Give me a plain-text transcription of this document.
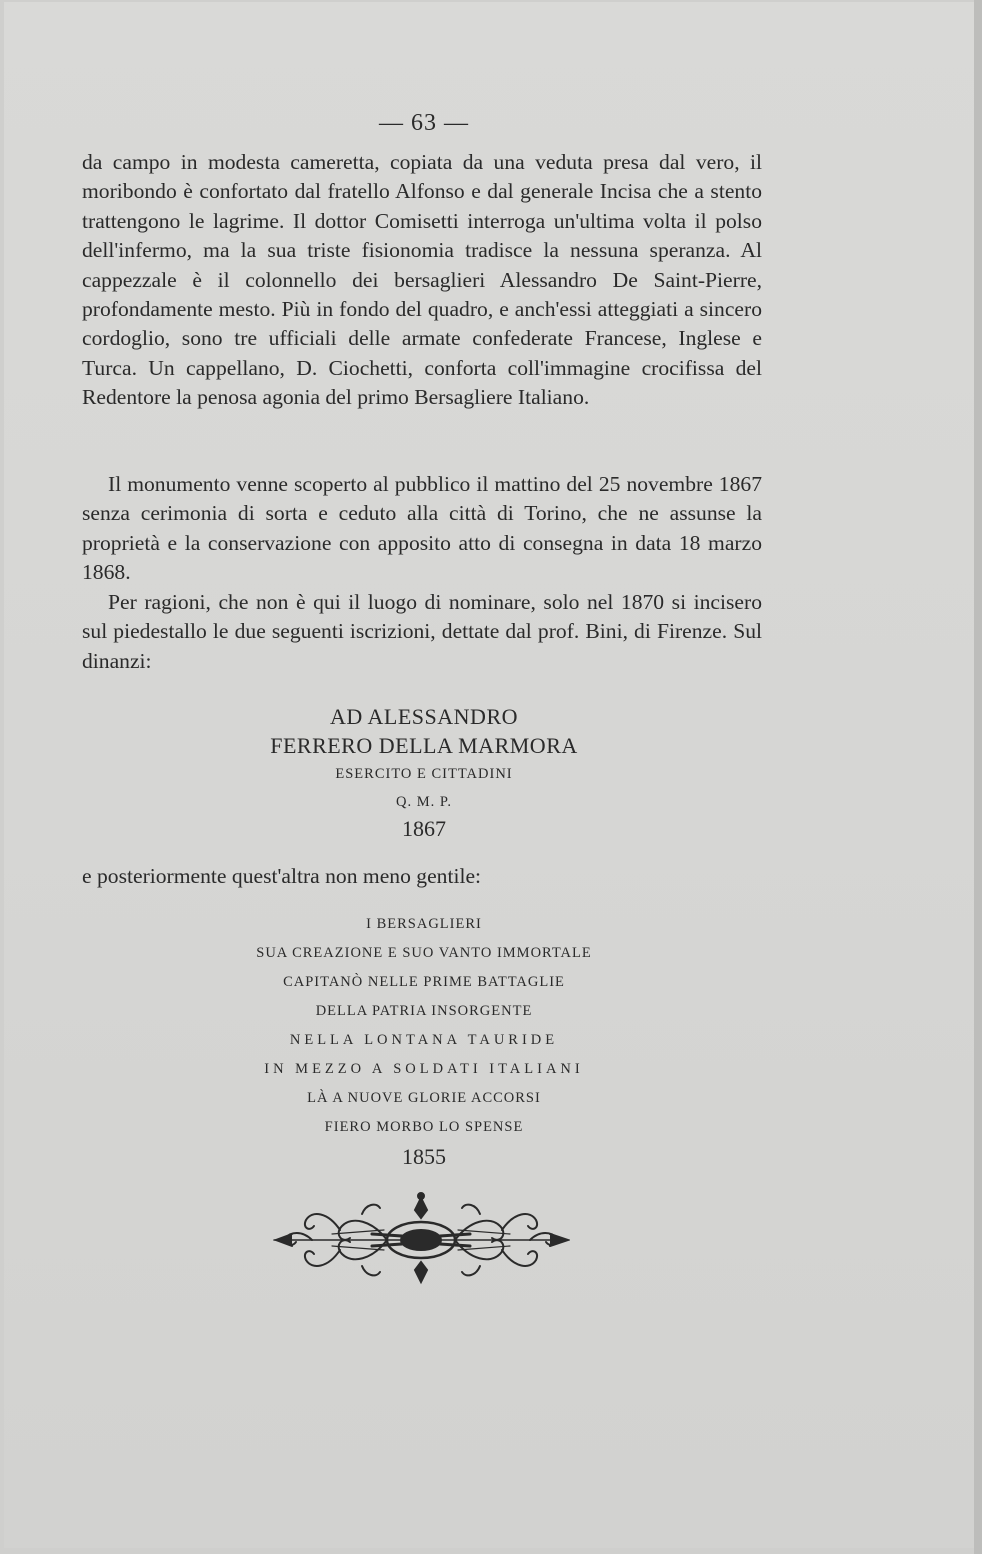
— 63 —

da campo in modesta cameretta, copiata da una veduta presa dal vero, il moribondo è confortato dal fratello Alfonso e dal generale Incisa che a stento trattengono le lagrime. Il dottor Comisetti interroga un'ultima volta il polso dell'infermo, ma la sua triste fisionomia tradisce la nessuna speranza. Al cappezzale è il colonnello dei bersaglieri Alessandro De Saint-Pierre, profondamente mesto. Più in fondo del quadro, e anch'essi atteggiati a sincero cordoglio, sono tre ufficiali delle armate confederate Francese, Inglese e Turca. Un cappellano, D. Ciochetti, conforta coll'immagine crocifissa del Redentore la penosa agonia del primo Bersagliere Italiano.

Il monumento venne scoperto al pubblico il mattino del 25 novembre 1867 senza cerimonia di sorta e ceduto alla città di Torino, che ne assunse la proprietà e la conservazione con apposito atto di consegna in data 18 marzo 1868.

Per ragioni, che non è qui il luogo di nominare, solo nel 1870 si incisero sul piedestallo le due seguenti iscrizioni, dettate dal prof. Bini, di Firenze. Sul dinanzi:

AD ALESSANDRO
FERRERO DELLA MARMORA
ESERCITO E CITTADINI
Q. M. P.
1867
e posteriormente quest'altra non meno gentile:
I BERSAGLIERI
SUA CREAZIONE E SUO VANTO IMMORTALE
CAPITANÒ NELLE PRIME BATTAGLIE
DELLA PATRIA INSORGENTE
NELLA LONTANA TAURIDE
IN MEZZO A SOLDATI ITALIANI
LÀ A NUOVE GLORIE ACCORSI
FIERO MORBO LO SPENSE
1855
